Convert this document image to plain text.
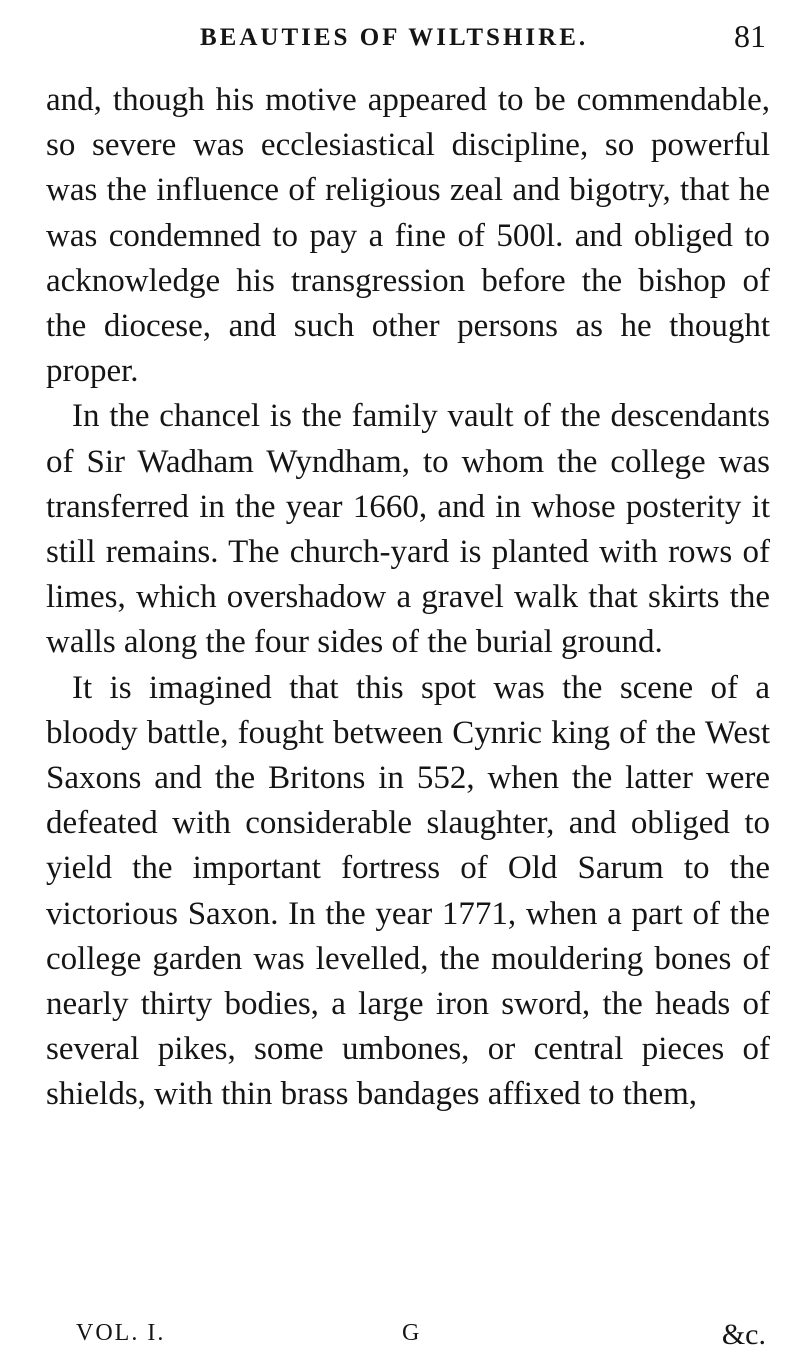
BEAUTIES OF WILTSHIRE.	81

and, though his motive appeared to be commendable, so severe was ecclesiastical discipline, so powerful was the influence of religious zeal and bigotry, that he was condemned to pay a fine of 500l. and obliged to acknowledge his transgression before the bishop of the diocese, and such other persons as he thought proper.

In the chancel is the family vault of the descendants of Sir Wadham Wyndham, to whom the college was transferred in the year 1660, and in whose posterity it still remains. The church-yard is planted with rows of limes, which overshadow a gravel walk that skirts the walls along the four sides of the burial ground.

It is imagined that this spot was the scene of a bloody battle, fought between Cynric king of the West Saxons and the Britons in 552, when the latter were defeated with considerable slaughter, and obliged to yield the important fortress of Old Sarum to the victorious Saxon. In the year 1771, when a part of the college garden was levelled, the mouldering bones of nearly thirty bodies, a large iron sword, the heads of several pikes, some umbones, or central pieces of shields, with thin brass bandages affixed to them,

VOL. I.	G	&c.
